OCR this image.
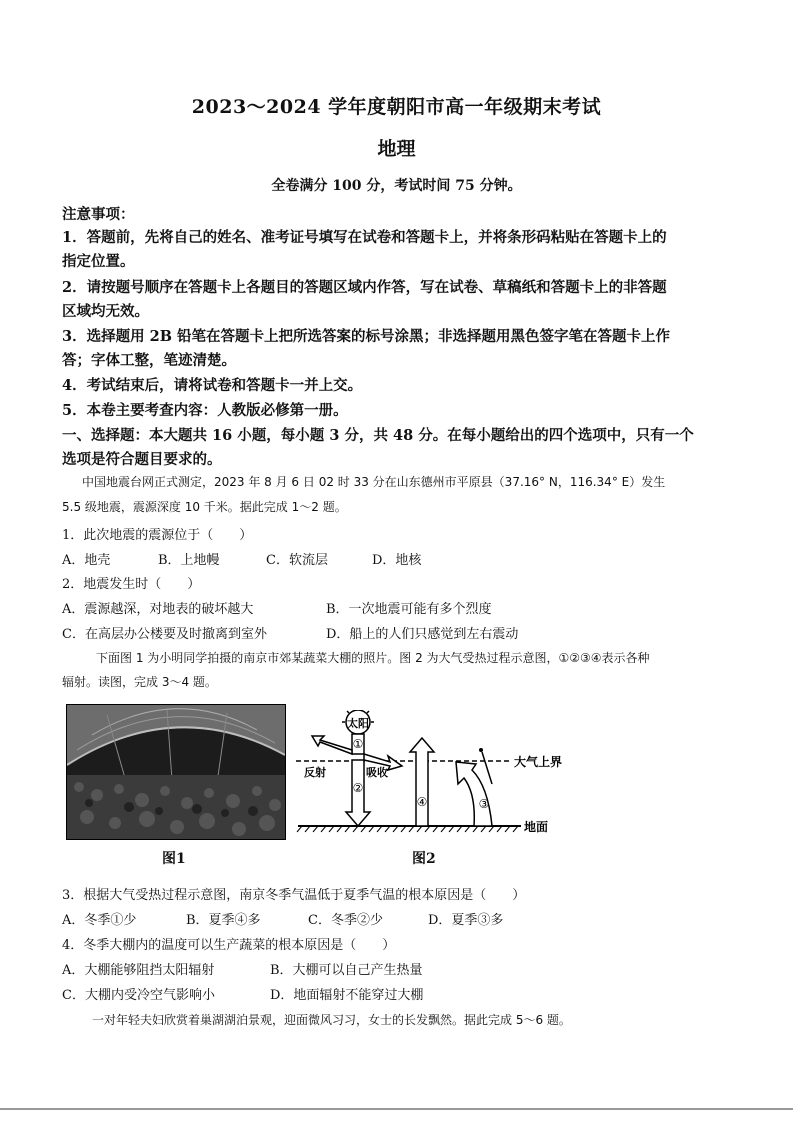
2023～2024 学年度朝阳市高一年级期末考试
地理
全卷满分 100 分，考试时间 75 分钟。
注意事项：
1．答题前，先将自己的姓名、准考证号填写在试卷和答题卡上，并将条形码粘贴在答题卡上的
指定位置。
2．请按题号顺序在答题卡上各题目的答题区域内作答，写在试卷、草稿纸和答题卡上的非答题
区域均无效。
3．选择题用 2B 铅笔在答题卡上把所选答案的标号涂黑；非选择题用黑色签字笔在答题卡上作
答；字体工整，笔迹清楚。
4．考试结束后，请将试卷和答题卡一并上交。
5．本卷主要考查内容：人教版必修第一册。
一、选择题：本大题共 16 小题，每小题 3 分，共 48 分。在每小题给出的四个选项中，只有一个
选项是符合题目要求的。
中国地震台网正式测定，2023 年 8 月 6 日 02 时 33 分在山东德州市平原县（37.16° N，116.34° E）发生
5.5 级地震，震源深度 10 千米。据此完成 1～2 题。
1．此次地震的震源位于（　　）
A．地壳	B．上地幔	C．软流层	D．地核
2．地震发生时（　　）
A．震源越深，对地表的破坏越大	B．一次地震可能有多个烈度
C．在高层办公楼要及时撤离到室外	D．船上的人们只感觉到左右震动
下面图 1 为小明同学拍摄的南京市郊某蔬菜大棚的照片。图 2 为大气受热过程示意图，①②③④表示各种
辐射。读图，完成 3～4 题。
图1
太阳
①
反射	吸收
②
④	③
大气上界
地面
图2
3．根据大气受热过程示意图，南京冬季气温低于夏季气温的根本原因是（　　）
A．冬季①少	B．夏季④多	C．冬季②少	D．夏季③多
4．冬季大棚内的温度可以生产蔬菜的根本原因是（　　）
A．大棚能够阻挡太阳辐射	B．大棚可以自己产生热量
C．大棚内受冷空气影响小	D．地面辐射不能穿过大棚
一对年轻夫妇欣赏着巢湖湖泊景观，迎面微风习习，女士的长发飘然。据此完成 5～6 题。
